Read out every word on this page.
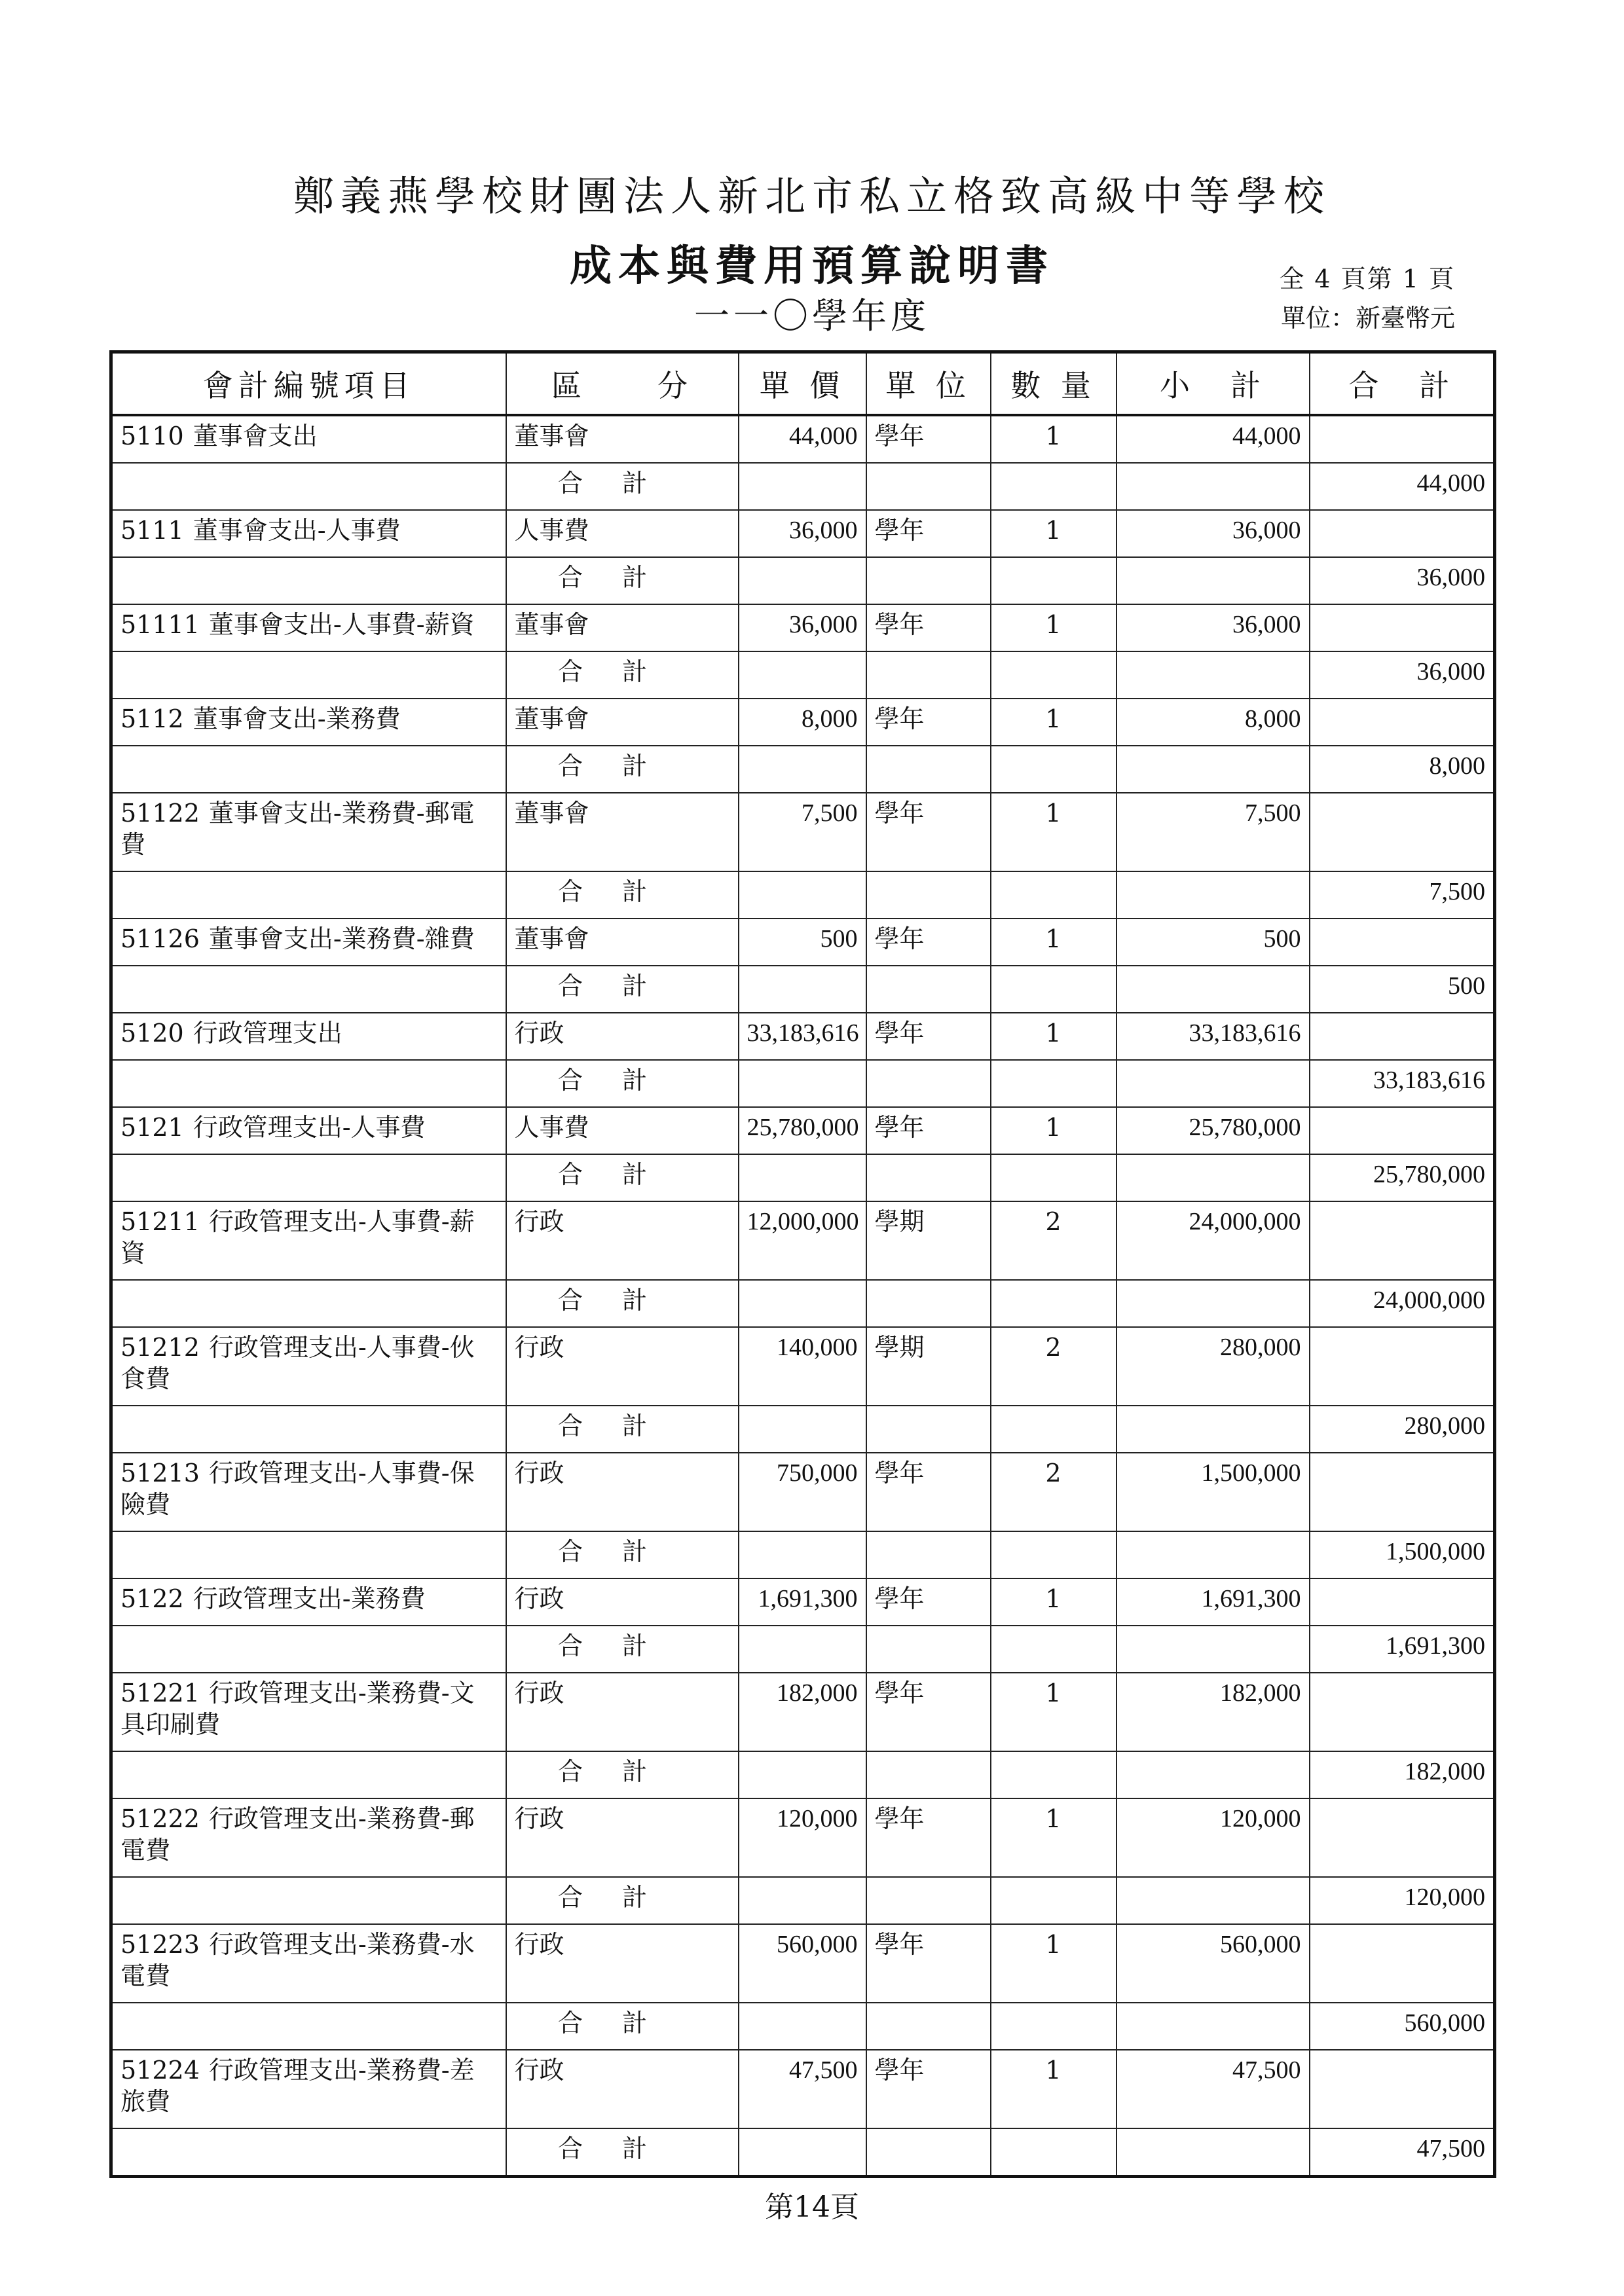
鄭義燕學校財團法人新北市私立格致高級中等學校
成本與費用預算說明書
一一〇學年度
全 4 頁第 1 頁
單位：新臺幣元
會計編號項目	區　　分	單 價	單 位	數 量	小　計	合　計
5110 董事會支出	董事會	44,000	學年	1	44,000	
	合計					44,000
5111 董事會支出-人事費	人事費	36,000	學年	1	36,000	
	合計					36,000
51111 董事會支出-人事費-薪資	董事會	36,000	學年	1	36,000	
	合計					36,000
5112 董事會支出-業務費	董事會	8,000	學年	1	8,000	
	合計					8,000
51122 董事會支出-業務費-郵電費	董事會	7,500	學年	1	7,500	
	合計					7,500
51126 董事會支出-業務費-雜費	董事會	500	學年	1	500	
	合計					500
5120 行政管理支出	行政	33,183,616	學年	1	33,183,616	
	合計					33,183,616
5121 行政管理支出-人事費	人事費	25,780,000	學年	1	25,780,000	
	合計					25,780,000
51211 行政管理支出-人事費-薪資	行政	12,000,000	學期	2	24,000,000	
	合計					24,000,000
51212 行政管理支出-人事費-伙食費	行政	140,000	學期	2	280,000	
	合計					280,000
51213 行政管理支出-人事費-保險費	行政	750,000	學年	2	1,500,000	
	合計					1,500,000
5122 行政管理支出-業務費	行政	1,691,300	學年	1	1,691,300	
	合計					1,691,300
51221 行政管理支出-業務費-文具印刷費	行政	182,000	學年	1	182,000	
	合計					182,000
51222 行政管理支出-業務費-郵電費	行政	120,000	學年	1	120,000	
	合計					120,000
51223 行政管理支出-業務費-水電費	行政	560,000	學年	1	560,000	
	合計					560,000
51224 行政管理支出-業務費-差旅費	行政	47,500	學年	1	47,500	
	合計					47,500
第14頁
